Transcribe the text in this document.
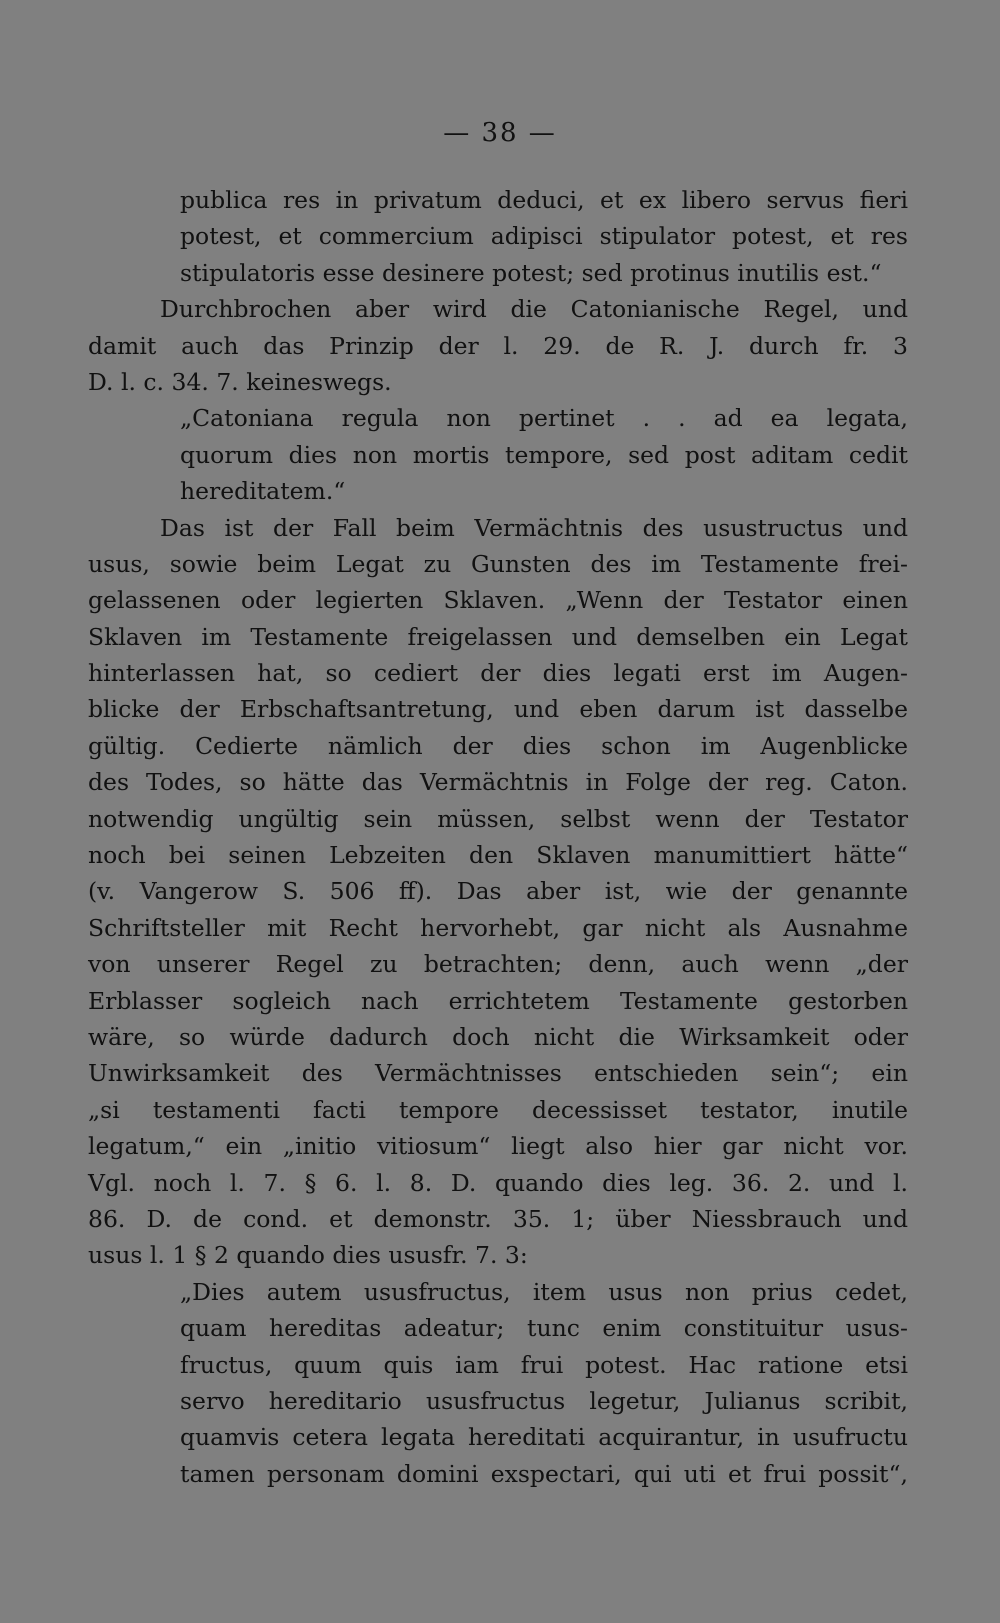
— 38 —
publica res in privatum deduci, et ex libero servus fieri
potest, et commercium adipisci stipulator potest, et res
stipulatoris esse desinere potest; sed protinus inutilis est.“
Durchbrochen aber wird die Catonianische Regel, und
damit auch das Prinzip der l. 29. de R. J. durch fr. 3
D. l. c. 34. 7. keineswegs.
„Catoniana regula non pertinet . . ad ea legata,
quorum dies non mortis tempore, sed post aditam cedit
hereditatem.“
Das ist der Fall beim Vermächtnis des usustructus und
usus, sowie beim Legat zu Gunsten des im Testamente frei-
gelassenen oder legierten Sklaven. „Wenn der Testator einen
Sklaven im Testamente freigelassen und demselben ein Legat
hinterlassen hat, so cediert der dies legati erst im Augen-
blicke der Erbschaftsantretung, und eben darum ist dasselbe
gültig. Cedierte nämlich der dies schon im Augenblicke
des Todes, so hätte das Vermächtnis in Folge der reg. Caton.
notwendig ungültig sein müssen, selbst wenn der Testator
noch bei seinen Lebzeiten den Sklaven manumittiert hätte“
(v. Vangerow S. 506 ff). Das aber ist, wie der genannte
Schriftsteller mit Recht hervorhebt, gar nicht als Ausnahme
von unserer Regel zu betrachten; denn, auch wenn „der
Erblasser sogleich nach errichtetem Testamente gestorben
wäre, so würde dadurch doch nicht die Wirksamkeit oder
Unwirksamkeit des Vermächtnisses entschieden sein“; ein
„si testamenti facti tempore decessisset testator, inutile
legatum,“ ein „initio vitiosum“ liegt also hier gar nicht vor.
Vgl. noch l. 7. § 6. l. 8. D. quando dies leg. 36. 2. und l.
86. D. de cond. et demonstr. 35. 1; über Niessbrauch und
usus l. 1 § 2 quando dies ususfr. 7. 3:
„Dies autem ususfructus, item usus non prius cedet,
quam hereditas adeatur; tunc enim constituitur usus-
fructus, quum quis iam frui potest. Hac ratione etsi
servo hereditario ususfructus legetur, Julianus scribit,
quamvis cetera legata hereditati acquirantur, in usufructu
tamen personam domini exspectari, qui uti et frui possit“,
